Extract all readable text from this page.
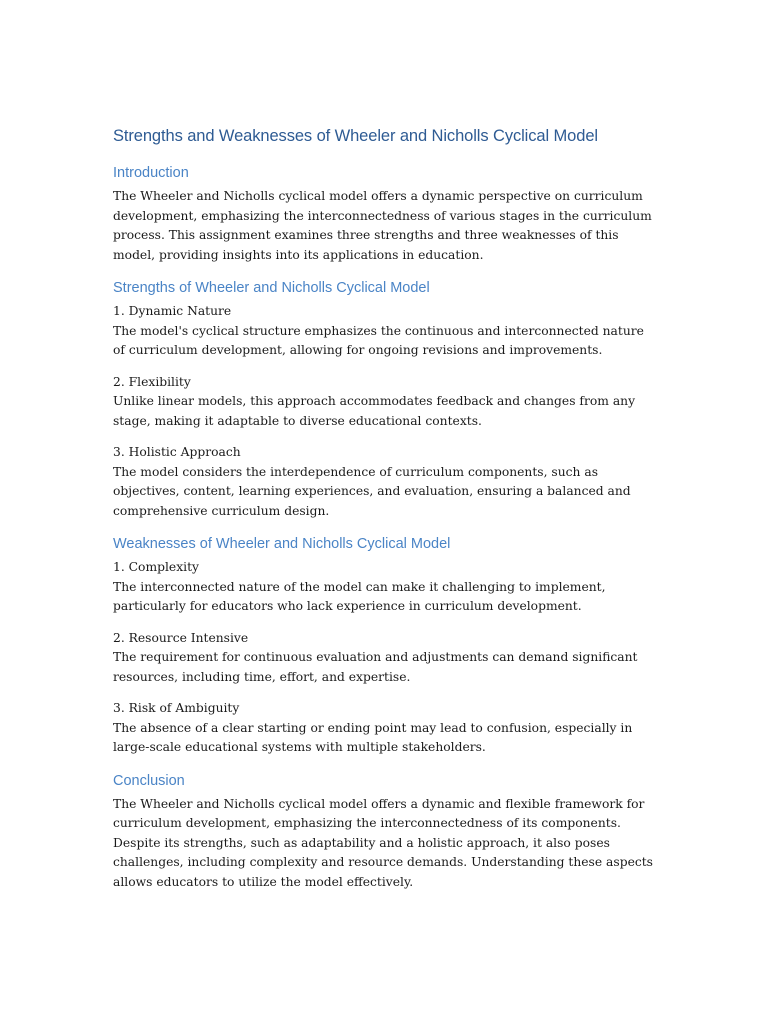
Strengths and Weaknesses of Wheeler and Nicholls Cyclical Model
Introduction

The Wheeler and Nicholls cyclical model offers a dynamic perspective on curriculum development, emphasizing the interconnectedness of various stages in the curriculum process. This assignment examines three strengths and three weaknesses of this model, providing insights into its applications in education.

Strengths of Wheeler and Nicholls Cyclical Model
1. Dynamic Nature
The model's cyclical structure emphasizes the continuous and interconnected nature of curriculum development, allowing for ongoing revisions and improvements.
2. Flexibility
Unlike linear models, this approach accommodates feedback and changes from any stage, making it adaptable to diverse educational contexts.
3. Holistic Approach
The model considers the interdependence of curriculum components, such as objectives, content, learning experiences, and evaluation, ensuring a balanced and comprehensive curriculum design.
Weaknesses of Wheeler and Nicholls Cyclical Model
1. Complexity
The interconnected nature of the model can make it challenging to implement, particularly for educators who lack experience in curriculum development.
2. Resource Intensive
The requirement for continuous evaluation and adjustments can demand significant resources, including time, effort, and expertise.
3. Risk of Ambiguity
The absence of a clear starting or ending point may lead to confusion, especially in large-scale educational systems with multiple stakeholders.
Conclusion

The Wheeler and Nicholls cyclical model offers a dynamic and flexible framework for curriculum development, emphasizing the interconnectedness of its components. Despite its strengths, such as adaptability and a holistic approach, it also poses challenges, including complexity and resource demands. Understanding these aspects allows educators to utilize the model effectively.
